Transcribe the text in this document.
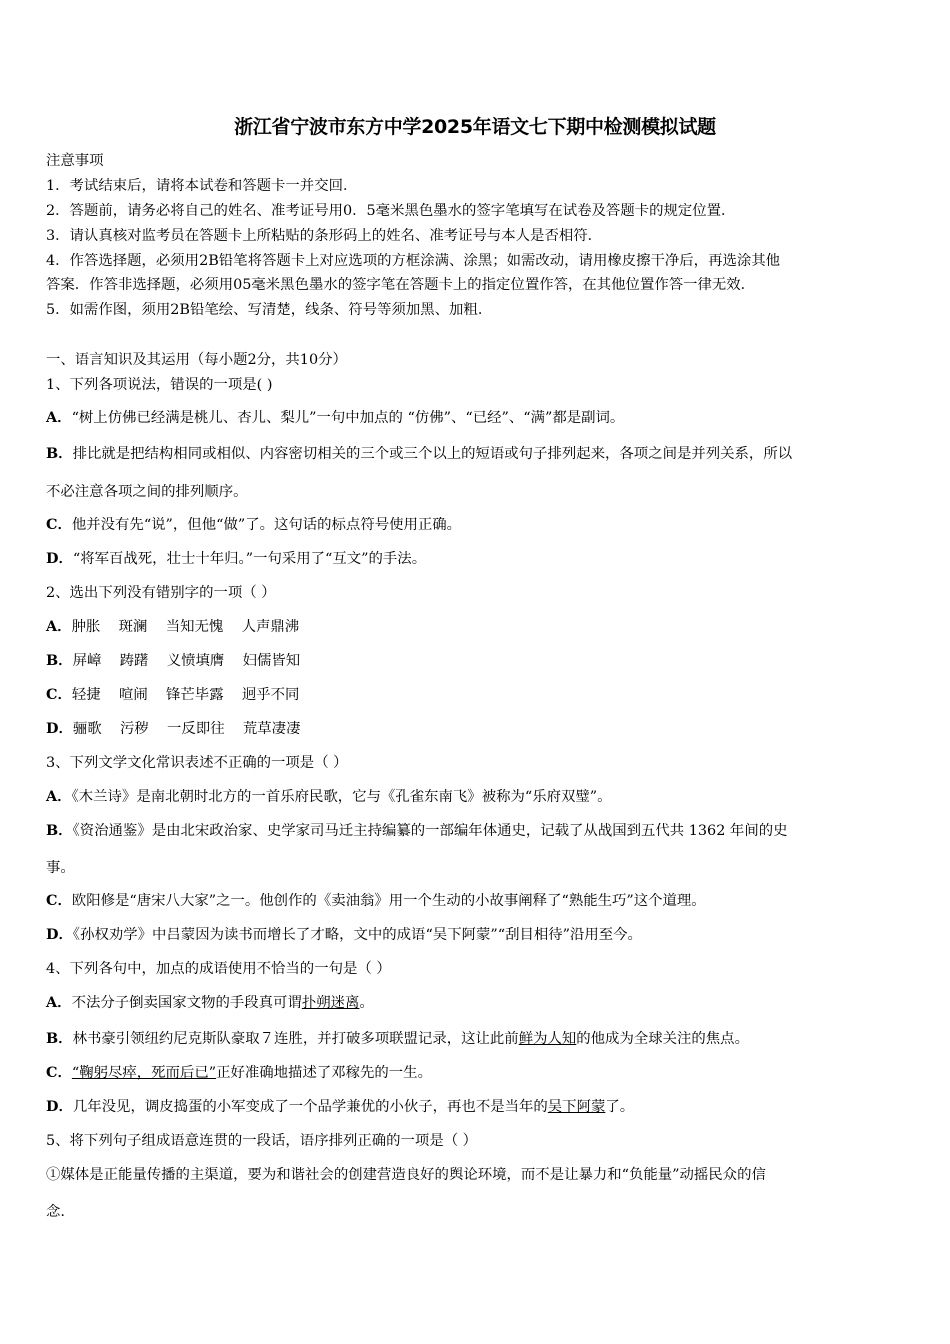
浙江省宁波市东方中学2025年语文七下期中检测模拟试题
注意事项
1．考试结束后，请将本试卷和答题卡一并交回．
2．答题前，请务必将自己的姓名、准考证号用0．5毫米黑色墨水的签字笔填写在试卷及答题卡的规定位置．
3．请认真核对监考员在答题卡上所粘贴的条形码上的姓名、准考证号与本人是否相符．
4．作答选择题，必须用2B铅笔将答题卡上对应选项的方框涂满、涂黑；如需改动，请用橡皮擦干净后，再选涂其他
答案．作答非选择题，必须用05毫米黑色墨水的签字笔在答题卡上的指定位置作答，在其他位置作答一律无效．
5．如需作图，须用2B铅笔绘、写清楚，线条、符号等须加黑、加粗．
一、语言知识及其运用（每小题2分，共10分）
1、下列各项说法，错误的一项是( )
A．“树上仿佛已经满是桃儿、杏儿、梨儿”一句中加点的 “仿佛”、“已经”、“满”都是副词。
B．排比就是把结构相同或相似、内容密切相关的三个或三个以上的短语或句子排列起来，各项之间是并列关系，所以
不必注意各项之间的排列顺序。
C．他并没有先“说”，但他“做”了。这句话的标点符号使用正确。
D．“将军百战死，壮士十年归。”一句采用了“互文”的手法。
2、选出下列没有错别字的一项（ ）
A．肿胀    斑澜    当知无愧    人声鼎沸
B．屏嶂    踌躇    义愤填膺    妇儒皆知
C．轻捷    喧闹    锋芒毕露    迥乎不同
D．骊歌    污秽    一反即往    荒草凄凄
3、下列文学文化常识表述不正确的一项是（ ）
A．《木兰诗》是南北朝时北方的一首乐府民歌，它与《孔雀东南飞》被称为“乐府双璧”。
B．《资治通鉴》是由北宋政治家、史学家司马迁主持编纂的一部编年体通史，记载了从战国到五代共 1362 年间的史
事。
C．欧阳修是“唐宋八大家”之一。他创作的《卖油翁》用一个生动的小故事阐释了“熟能生巧”这个道理。
D．《孙权劝学》中吕蒙因为读书而增长了才略，文中的成语“吴下阿蒙”“刮目相待”沿用至今。
4、下列各句中，加点的成语使用不恰当的一句是（ ）
A．不法分子倒卖国家文物的手段真可谓扑朔迷离。
B．林书豪引领纽约尼克斯队豪取７连胜，并打破多项联盟记录，这让此前鲜为人知的他成为全球关注的焦点。
C．“鞠躬尽瘁，死而后已”正好准确地描述了邓稼先的一生。
D．几年没见，调皮捣蛋的小军变成了一个品学兼优的小伙子，再也不是当年的吴下阿蒙了。
5、将下列句子组成语意连贯的一段话，语序排列正确的一项是（ ）
①媒体是正能量传播的主渠道，要为和谐社会的创建营造良好的舆论环境，而不是让暴力和“负能量”动摇民众的信
念.
